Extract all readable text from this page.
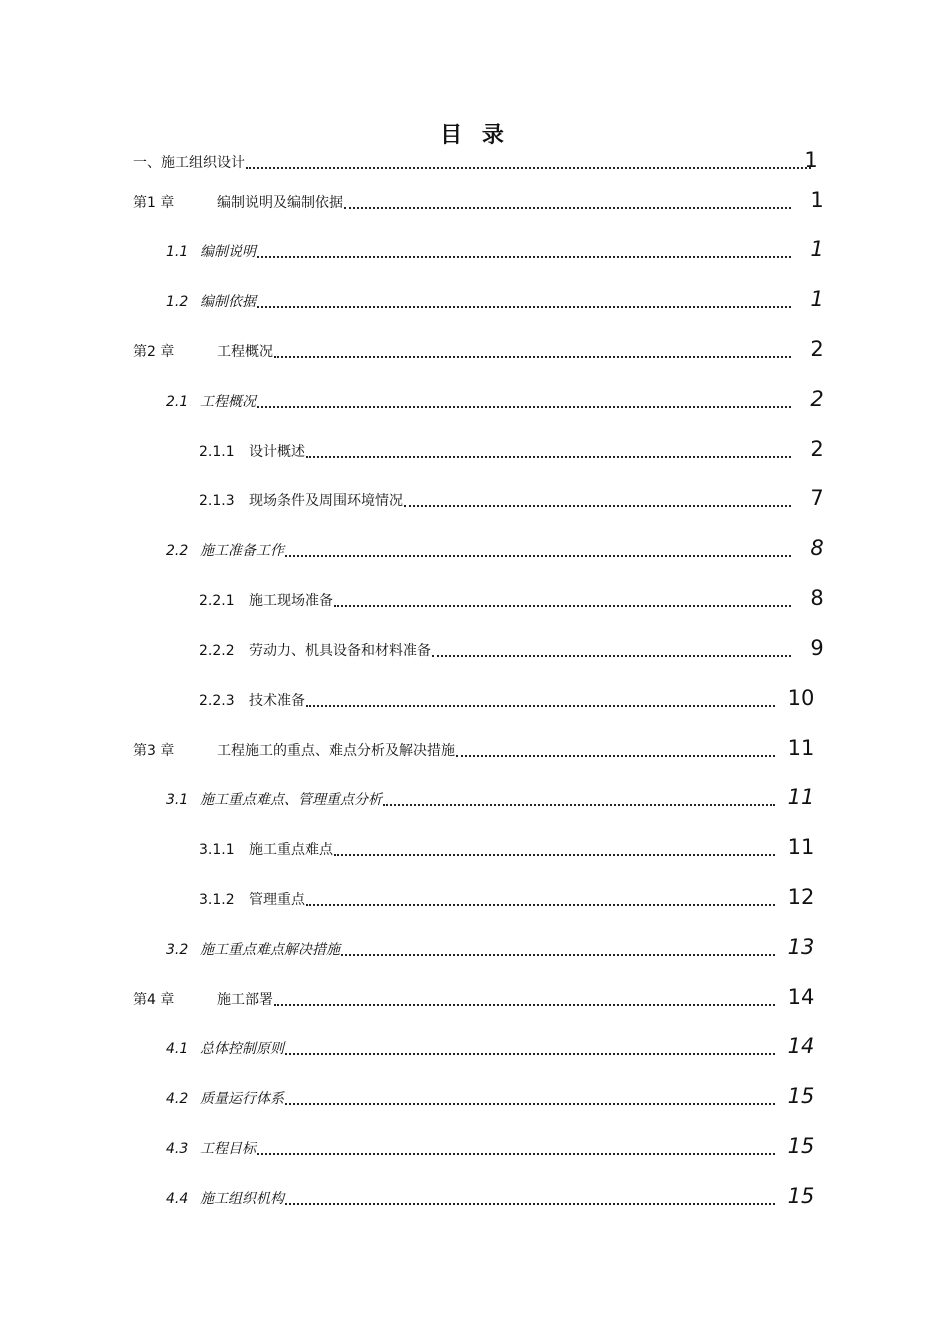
目 录
一、施工组织设计	1
第1 章	编制说明及编制依据	1
1.1 编制说明	1
1.2 编制依据	1
第2 章	工程概况	2
2.1 工程概况	2
2.1.1	设计概述	2
2.1.3	现场条件及周围环境情况	7
2.2 施工准备工作	8
2.2.1	施工现场准备	8
2.2.2	劳动力、机具设备和材料准备	9
2.2.3	技术准备	10
第3 章	工程施工的重点、难点分析及解决措施	11
3.1 施工重点难点、管理重点分析	11
3.1.1	施工重点难点	11
3.1.2	管理重点	12
3.2 施工重点难点解决措施	13
第4 章	施工部署	14
4.1 总体控制原则	14
4.2 质量运行体系	15
4.3 工程目标	15
4.4 施工组织机构	15
